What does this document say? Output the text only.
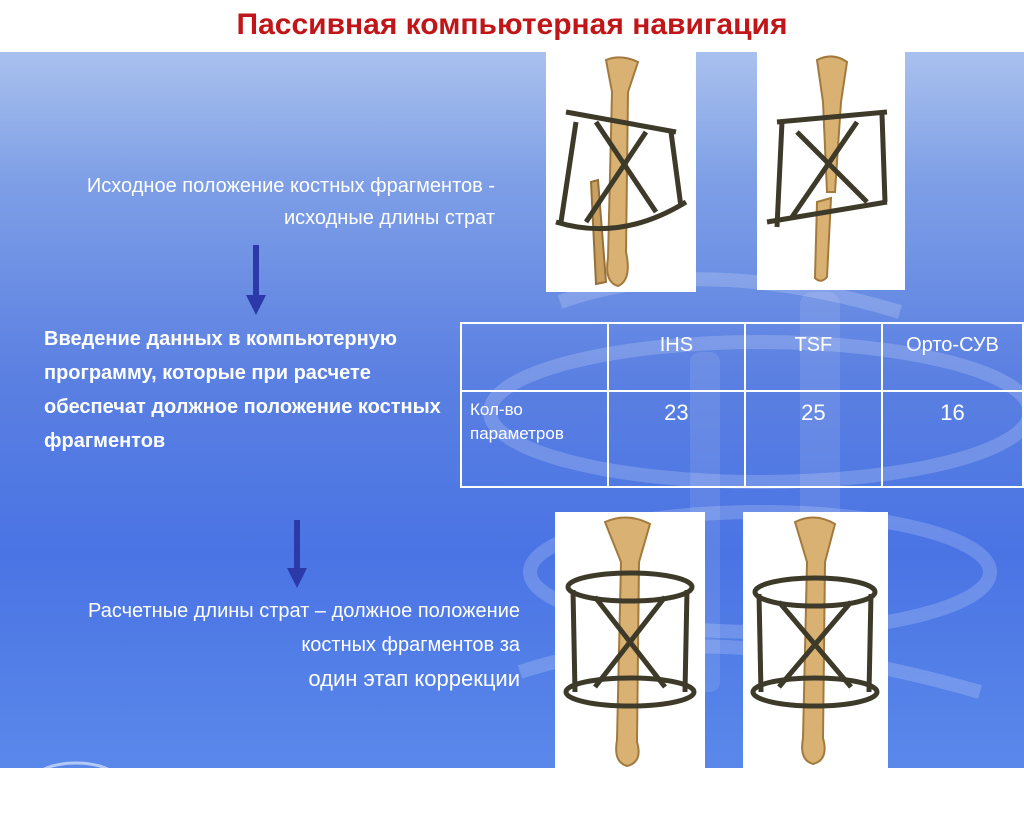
Пассивная компьютерная навигация
РНЦ ВТО
Исходное положение костных фрагментов - исходные длины страт
Введение данных в компьютерную программу, которые при расчете обеспечат должное положение костных фрагментов
	IHS	TSF	Орто-СУВ
Кол-во параметров	23	25	16
Расчетные длины страт – должное положение костных фрагментов за
один этап коррекции
